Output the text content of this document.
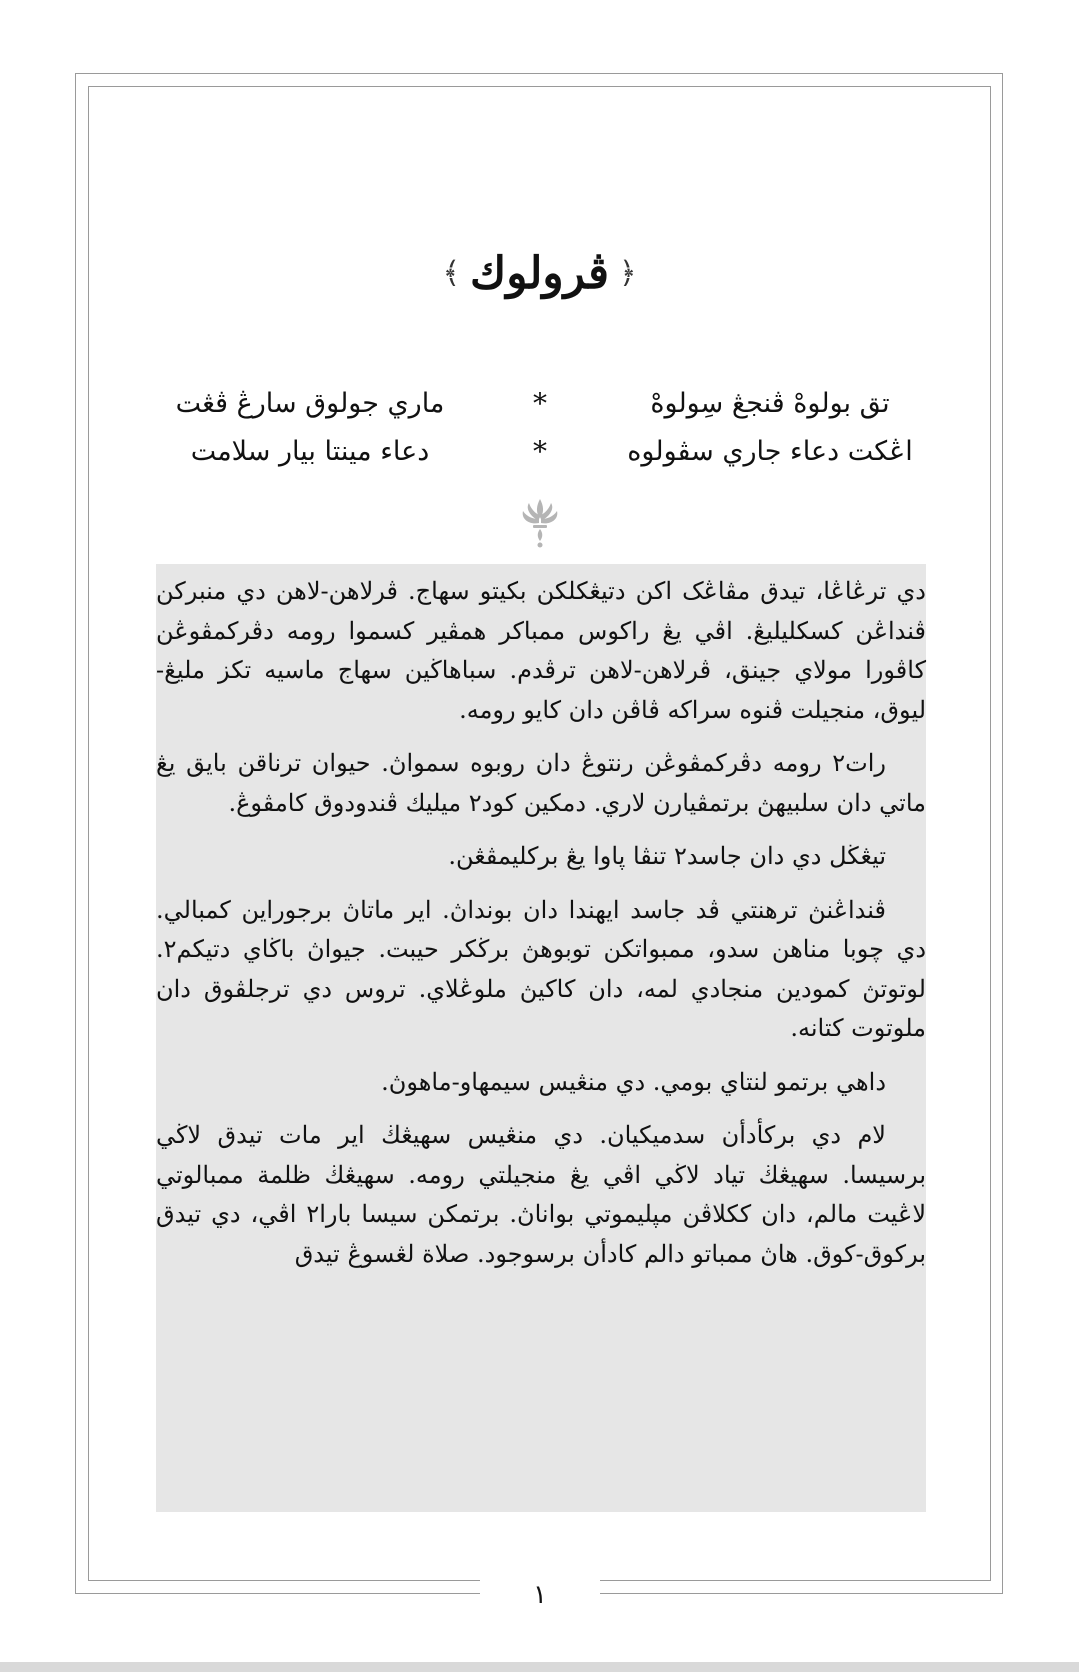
﴿
ڤرولوك
﴾
تق بولوهْ ڤنجڠ سِولوهْ
*
ماري جولوق سارڠ ڤڠت
اڠكت دعاء جاري سڤولوه
*
دعاء مينتا بيار سلامت

دي ترڠاڠا، تيدق مڤاڠک اكن دتيڠكلكن بكيتو سهاج. ڤرلاهن-لاهن دي منبركن ڤنداڠن كسكليليڠ. اڤي يڠ راكوس ممباكر همڤير كسموا رومه دڤركمڤوڠن كاڤورا مولاي جينق، ڤرلاهن-لاهن ترڤدم. سباهاڬين سهاج ماسيه تكز مليڠ-ليوق، منجيلت ڤنوه سراكه ڤاڤن دان كايو رومه.

رات٢ رومه دڤركمڤوڠن رنتوڠ دان روبوه سمواڽ. حيوان ترناقن بايق يڠ ماتي دان سلبيهڽ برتمڤيارن لاري. دمكين كود٢ ميليك ڤندودوق كامڤوڠ.

تيڠڬل دي دان جاسد٢ تنڤا ڽاوا يڠ بركليمڤڠن.

ڤنداڠنڽ ترهنتي ڤد جاسد ايهندا دان بونداڽ. اير ماتاڽ برجوراين كمبالي. دي چوبا مناهن سدو، ممبواتكن توبوهڽ برڬكر حيبت. جيواڽ باڬاي دتيكم٢. لوتوتڽ كمودين منجادي لمه، دان كاكيڽ ملوڠلاي. تروس دي ترجلڤوق دان ملوتوت كتانه.

داهي برتمو لنتاي بومي. دي منڠيس سيمهاو-ماهوڽ.

لام دي بركأدأن سدميكيان. دي منڠيس سهيڠڬ اير مات تيدق لاڬي برسيسا. سهيڠڬ تياد لاڬي اڤي يڠ منجيلتي رومه. سهيڠڬ ظلمة ممبالوتي لاڠيت مالم، دان ككلاڤن مڽليموتي بواناڽ. برتمكن سيسا بارا٢ اڤي، دي تيدق بركوق-كوق. هاڽ ممباتو دالم كادأن برسوجود. صلاة لڠسوڠ تيدق

١
